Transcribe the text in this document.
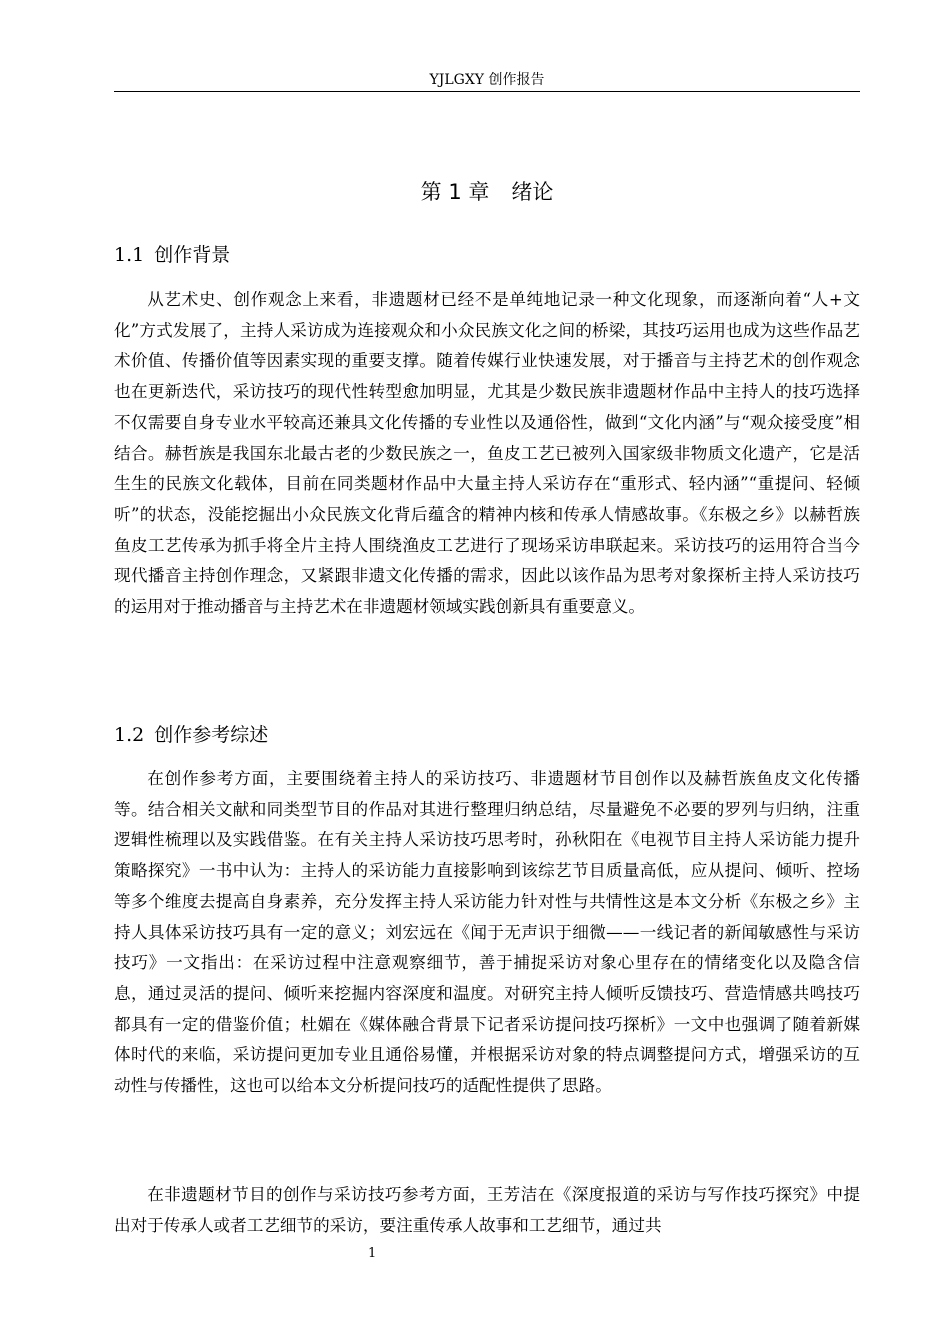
YJLGXY 创作报告
第 1 章 绪论
1.1 创作背景

从艺术史、创作观念上来看，非遗题材已经不是单纯地记录一种文化现象，而逐渐向着“人+文化”方式发展了，主持人采访成为连接观众和小众民族文化之间的桥梁，其技巧运用也成为这些作品艺术价值、传播价值等因素实现的重要支撑。随着传媒行业快速发展，对于播音与主持艺术的创作观念也在更新迭代，采访技巧的现代性转型愈加明显，尤其是少数民族非遗题材作品中主持人的技巧选择不仅需要自身专业水平较高还兼具文化传播的专业性以及通俗性，做到“文化内涵”与“观众接受度”相结合。赫哲族是我国东北最古老的少数民族之一，鱼皮工艺已被列入国家级非物质文化遗产，它是活生生的民族文化载体，目前在同类题材作品中大量主持人采访存在“重形式、轻内涵”“重提问、轻倾听”的状态，没能挖掘出小众民族文化背后蕴含的精神内核和传承人情感故事。《东极之乡》以赫哲族鱼皮工艺传承为抓手将全片主持人围绕渔皮工艺进行了现场采访串联起来。采访技巧的运用符合当今现代播音主持创作理念，又紧跟非遗文化传播的需求，因此以该作品为思考对象探析主持人采访技巧的运用对于推动播音与主持艺术在非遗题材领域实践创新具有重要意义。

1.2 创作参考综述

在创作参考方面，主要围绕着主持人的采访技巧、非遗题材节目创作以及赫哲族鱼皮文化传播等。结合相关文献和同类型节目的作品对其进行整理归纳总结，尽量避免不必要的罗列与归纳，注重逻辑性梳理以及实践借鉴。在有关主持人采访技巧思考时，孙秋阳在《电视节目主持人采访能力提升策略探究》一书中认为：主持人的采访能力直接影响到该综艺节目质量高低，应从提问、倾听、控场等多个维度去提高自身素养，充分发挥主持人采访能力针对性与共情性这是本文分析《东极之乡》主持人具体采访技巧具有一定的意义；刘宏远在《闻于无声识于细微——一线记者的新闻敏感性与采访技巧》一文指出：在采访过程中注意观察细节，善于捕捉采访对象心里存在的情绪变化以及隐含信息，通过灵活的提问、倾听来挖掘内容深度和温度。对研究主持人倾听反馈技巧、营造情感共鸣技巧都具有一定的借鉴价值；杜媚在《媒体融合背景下记者采访提问技巧探析》一文中也强调了随着新媒体时代的来临，采访提问更加专业且通俗易懂，并根据采访对象的特点调整提问方式，增强采访的互动性与传播性，这也可以给本文分析提问技巧的适配性提供了思路。

在非遗题材节目的创作与采访技巧参考方面，王芳洁在《深度报道的采访与写作技巧探究》中提出对于传承人或者工艺细节的采访，要注重传承人故事和工艺细节，通过共

1
